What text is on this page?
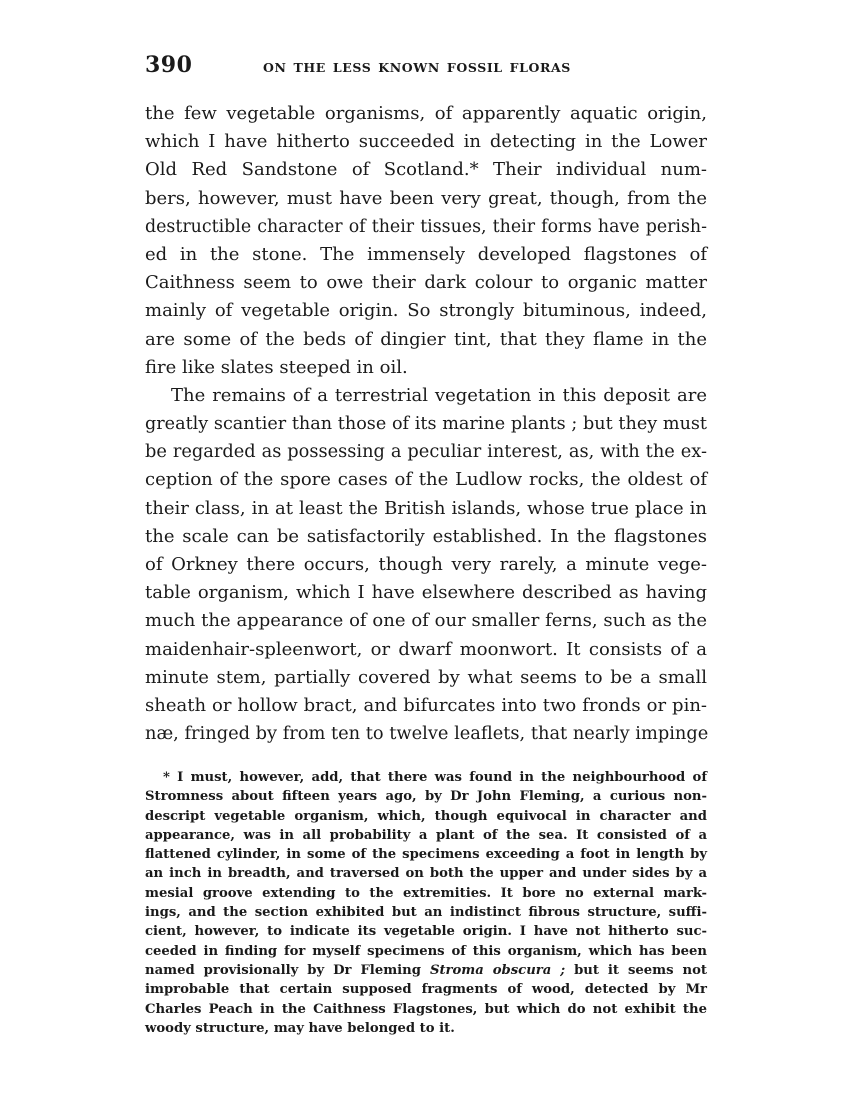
390	ON THE LESS KNOWN FOSSIL FLORAS
the few vegetable organisms, of apparently aquatic origin,
which I have hitherto succeeded in detecting in the Lower
Old Red Sandstone of Scotland.* Their individual num-
bers, however, must have been very great, though, from the
destructible character of their tissues, their forms have perish-
ed in the stone. The immensely developed flagstones of
Caithness seem to owe their dark colour to organic matter
mainly of vegetable origin. So strongly bituminous, indeed,
are some of the beds of dingier tint, that they flame in the
fire like slates steeped in oil.
The remains of a terrestrial vegetation in this deposit are
greatly scantier than those of its marine plants ; but they must
be regarded as possessing a peculiar interest, as, with the ex-
ception of the spore cases of the Ludlow rocks, the oldest of
their class, in at least the British islands, whose true place in
the scale can be satisfactorily established. In the flagstones
of Orkney there occurs, though very rarely, a minute vege-
table organism, which I have elsewhere described as having
much the appearance of one of our smaller ferns, such as the
maidenhair-spleenwort, or dwarf moonwort. It consists of a
minute stem, partially covered by what seems to be a small
sheath or hollow bract, and bifurcates into two fronds or pin-
næ, fringed by from ten to twelve leaflets, that nearly impinge
* I must, however, add, that there was found in the neighbourhood of
Stromness about fifteen years ago, by Dr John Fleming, a curious non-
descript vegetable organism, which, though equivocal in character and
appearance, was in all probability a plant of the sea. It consisted of a
flattened cylinder, in some of the specimens exceeding a foot in length by
an inch in breadth, and traversed on both the upper and under sides by a
mesial groove extending to the extremities. It bore no external mark-
ings, and the section exhibited but an indistinct fibrous structure, suffi-
cient, however, to indicate its vegetable origin. I have not hitherto suc-
ceeded in finding for myself specimens of this organism, which has been
named provisionally by Dr Fleming Stroma obscura ; but it seems not
improbable that certain supposed fragments of wood, detected by Mr
Charles Peach in the Caithness Flagstones, but which do not exhibit the
woody structure, may have belonged to it.
